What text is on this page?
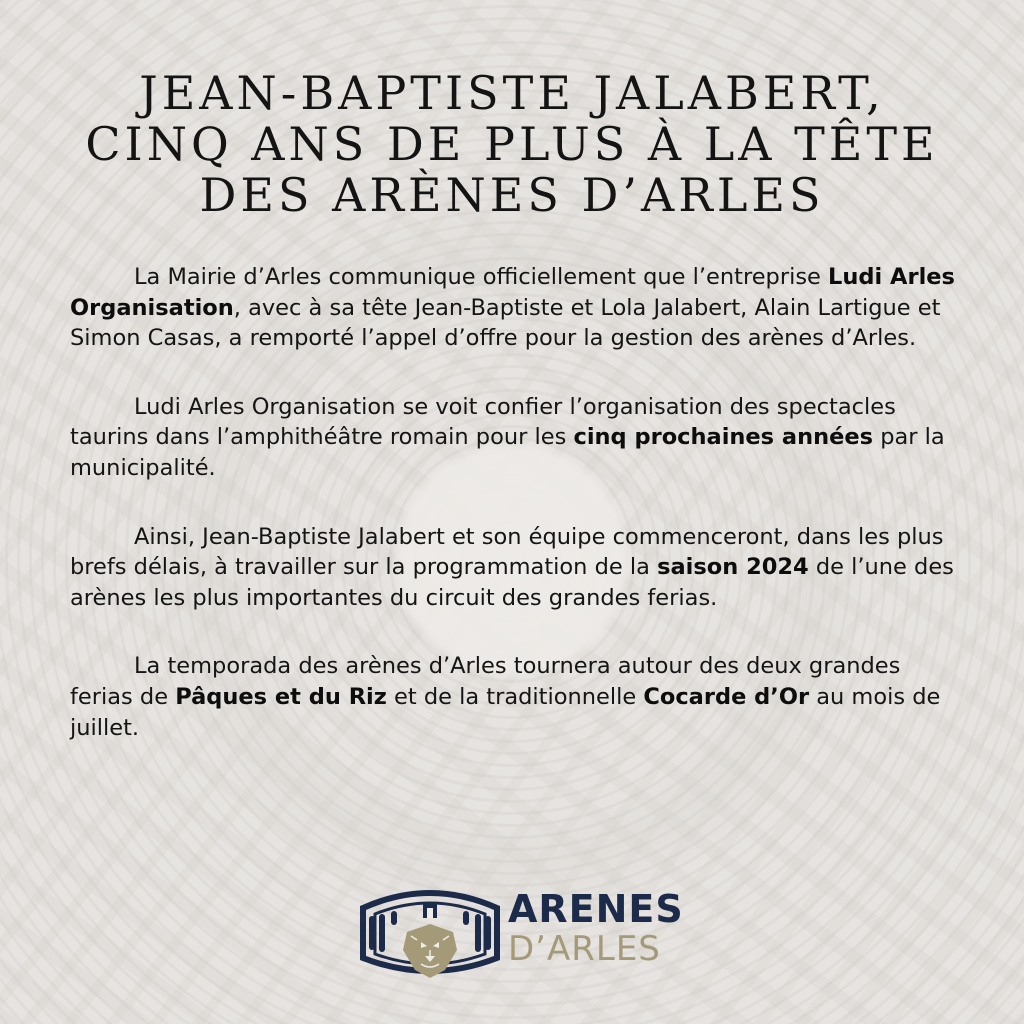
JEAN-BAPTISTE JALABERT,
CINQ ANS DE PLUS À LA TÊTE
DES ARÈNES D’ARLES

La Mairie d’Arles communique officiellement que l’entreprise Ludi Arles Organisation, avec à sa tête Jean-Baptiste et Lola Jalabert, Alain Lartigue et Simon Casas, a remporté l’appel d’offre pour la gestion des arènes d’Arles.

Ludi Arles Organisation se voit confier l’organisation des spectacles taurins dans l’amphithéâtre romain pour les cinq prochaines années par la municipalité.

Ainsi, Jean-Baptiste Jalabert et son équipe commenceront, dans les plus brefs délais, à travailler sur la programmation de la saison 2024 de l’une des arènes les plus importantes du circuit des grandes ferias.

La temporada des arènes d’Arles tournera autour des deux grandes ferias de Pâques et du Riz et de la traditionnelle Cocarde d’Or au mois de juillet.

ARENES
D’ARLES
